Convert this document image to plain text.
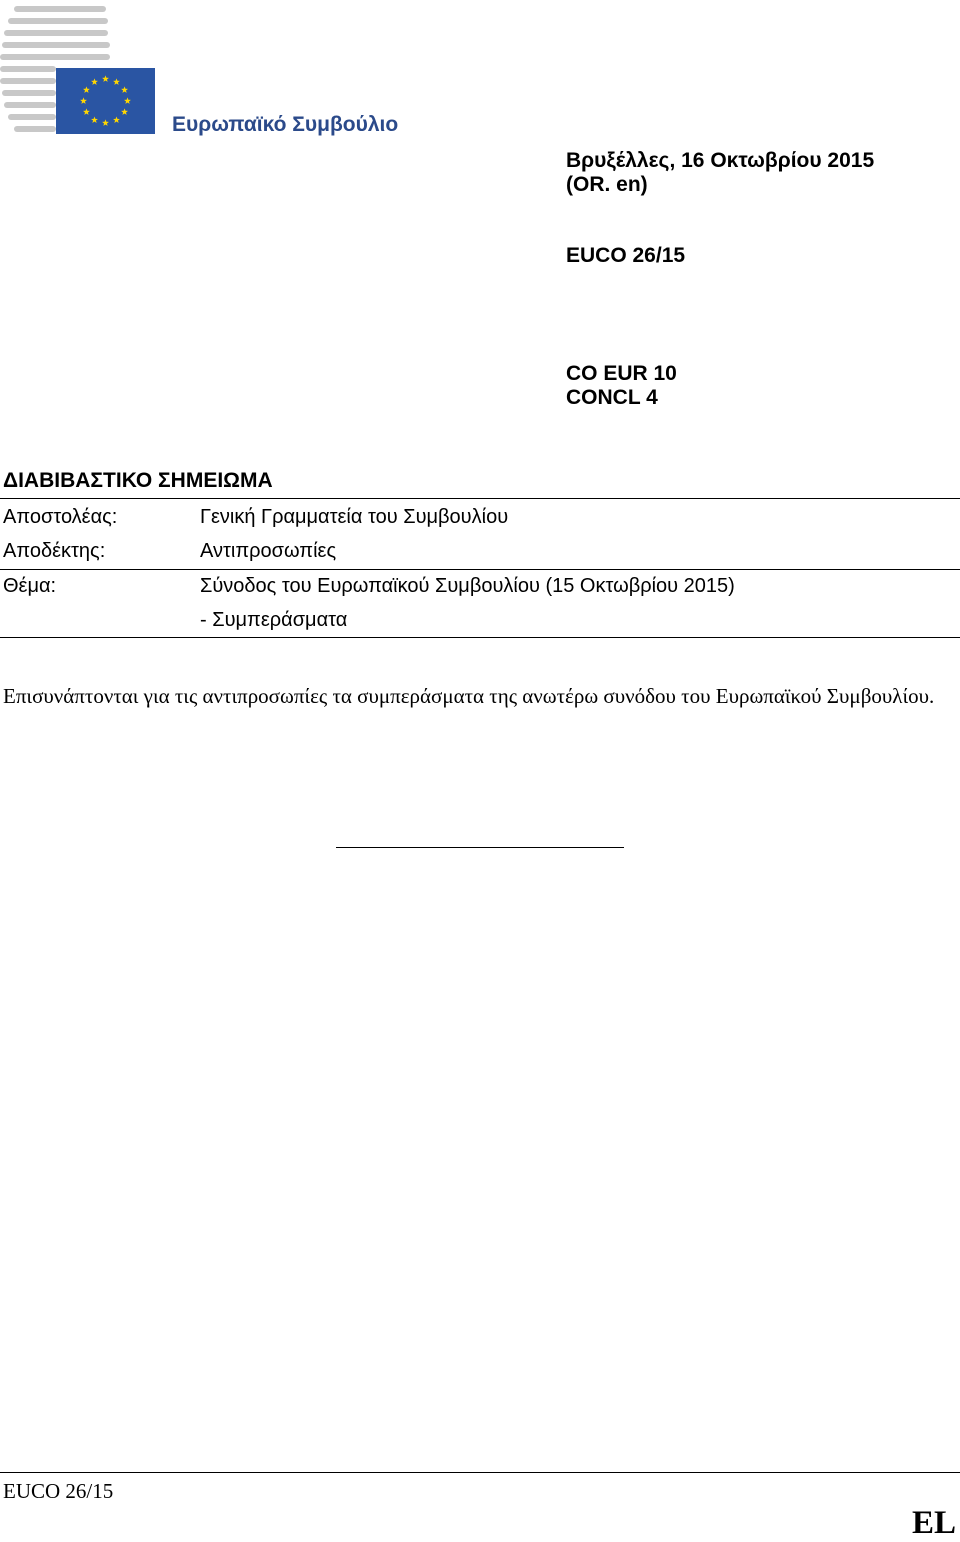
Ευρωπαϊκό Συμβούλιο
Βρυξέλλες, 16 Οκτωβρίου 2015
(OR. en)
EUCO 26/15
CO EUR 10
CONCL 4
ΔΙΑΒΙΒΑΣΤΙΚΟ ΣΗΜΕΙΩΜΑ
Αποστολέας:	Γενική Γραμματεία του Συμβουλίου
Αποδέκτης:	Αντιπροσωπίες
Θέμα:	Σύνοδος του Ευρωπαϊκού Συμβουλίου (15 Οκτωβρίου 2015)
- Συμπεράσματα
Επισυνάπτονται για τις αντιπροσωπίες τα συμπεράσματα της ανωτέρω συνόδου του Ευρωπαϊκού Συμβουλίου.
EUCO 26/15
EL
